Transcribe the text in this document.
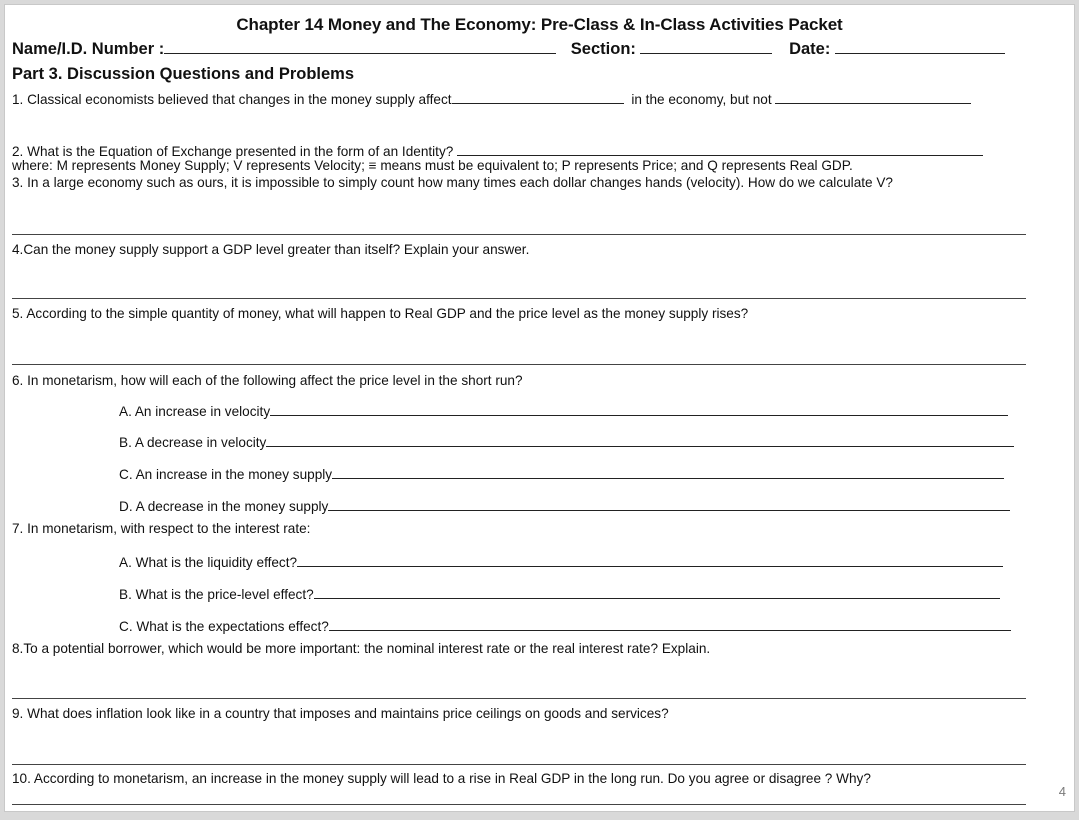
Chapter 14 Money and The Economy: Pre-Class & In-Class Activities Packet
Name/I.D. Number :	Section:	Date:
Part 3. Discussion Questions and Problems
1. Classical economists believed that changes in the money supply affect	in the economy, but not
2. What is the Equation of Exchange presented in the form of an Identity?
where: M represents Money Supply; V represents Velocity; ≡ means must be equivalent to; P represents Price; and Q represents Real GDP.
3. In a large economy such as ours, it is impossible to simply count how many times each dollar changes hands (velocity). How do we calculate V?
4.Can the money supply support a GDP level greater than itself? Explain your answer.
5. According to the simple quantity of money, what will happen to Real GDP and the price level as the money supply rises?
6. In monetarism, how will each of the following affect the price level in the short run?
A. An increase in velocity
B. A decrease in velocity
C. An increase in the money supply
D. A decrease in the money supply
7. In monetarism, with respect to the interest rate:
A. What is the liquidity effect?
B. What is the price-level effect?
C. What is the expectations effect?
8.To a potential borrower, which would be more important: the nominal interest rate or the real interest rate? Explain.
9. What does inflation look like in a country that imposes and maintains price ceilings on goods and services?
10. According to monetarism, an increase in the money supply will lead to a rise in Real GDP in the long run. Do you agree or disagree ? Why?
4
